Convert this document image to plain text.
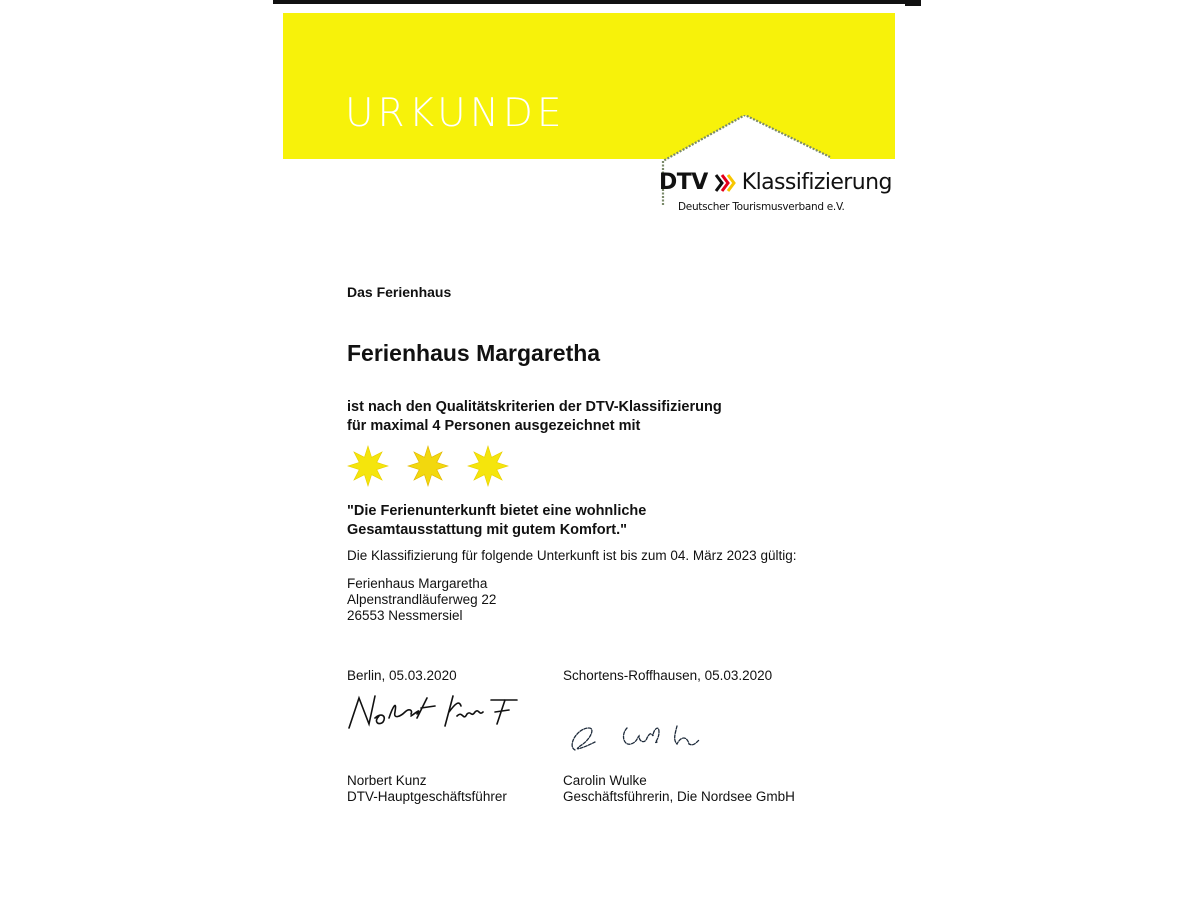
URKUNDE
DTV Klassifizierung
Deutscher Tourismusverband e.V.
Das Ferienhaus
Ferienhaus Margaretha
ist nach den Qualitätskriterien der DTV-Klassifizierung
für maximal 4 Personen ausgezeichnet mit
"Die Ferienunterkunft bietet eine wohnliche
Gesamtausstattung mit gutem Komfort."
Die Klassifizierung für folgende Unterkunft ist bis zum 04. März 2023 gültig:
Ferienhaus Margaretha
Alpenstrandläuferweg 22
26553 Nessmersiel
Berlin, 05.03.2020	Schortens-Roffhausen, 05.03.2020
Norbert Kunz
DTV-Hauptgeschäftsführer
Carolin Wulke
Geschäftsführerin, Die Nordsee GmbH
